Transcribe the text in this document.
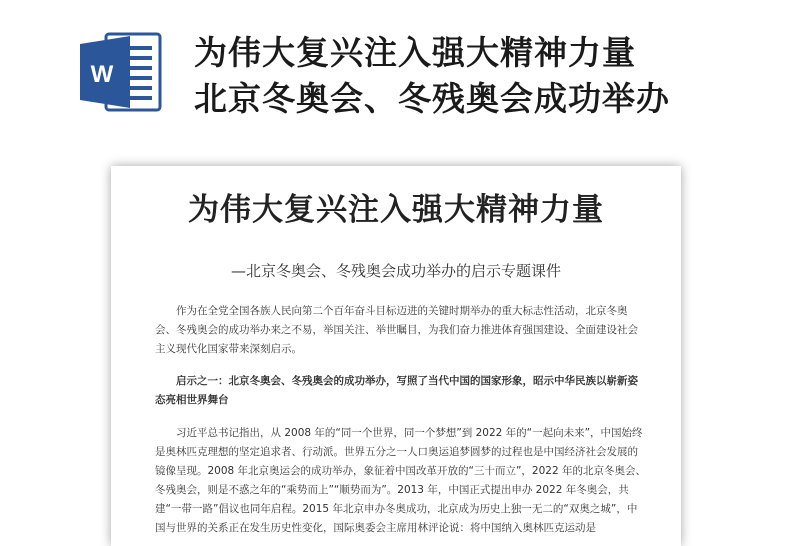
W
为伟大复兴注入强大精神力量
北京冬奥会、冬残奥会成功举办
为伟大复兴注入强大精神力量
—北京冬奥会、冬残奥会成功举办的启示专题课件

作为在全党全国各族人民向第二个百年奋斗目标迈进的关键时期举办的重大标志性活动，北京冬奥会、冬残奥会的成功举办来之不易，举国关注、举世瞩目，为我们奋力推进体育强国建设、全面建设社会主义现代化国家带来深刻启示。

启示之一：北京冬奥会、冬残奥会的成功举办，写照了当代中国的国家形象，昭示中华民族以崭新姿态亮相世界舞台

习近平总书记指出，从 2008 年的“同一个世界，同一个梦想”到 2022 年的“一起向未来”，中国始终是奥林匹克理想的坚定追求者、行动派。世界五分之一人口奥运追梦圆梦的过程也是中国经济社会发展的镜像呈现。2008 年北京奥运会的成功举办，象征着中国改革开放的“三十而立”，2022 年的北京冬奥会、冬残奥会，则是不惑之年的“乘势而上”“顺势而为”。2013 年，中国正式提出申办 2022 年冬奥会，共建“一带一路”倡议也同年启程。2015 年北京申办冬奥成功，北京成为历史上独一无二的“双奥之城”，中国与世界的关系正在发生历史性变化，国际奥委会主席用林评论说：将中国纳入奥林匹克运动是
